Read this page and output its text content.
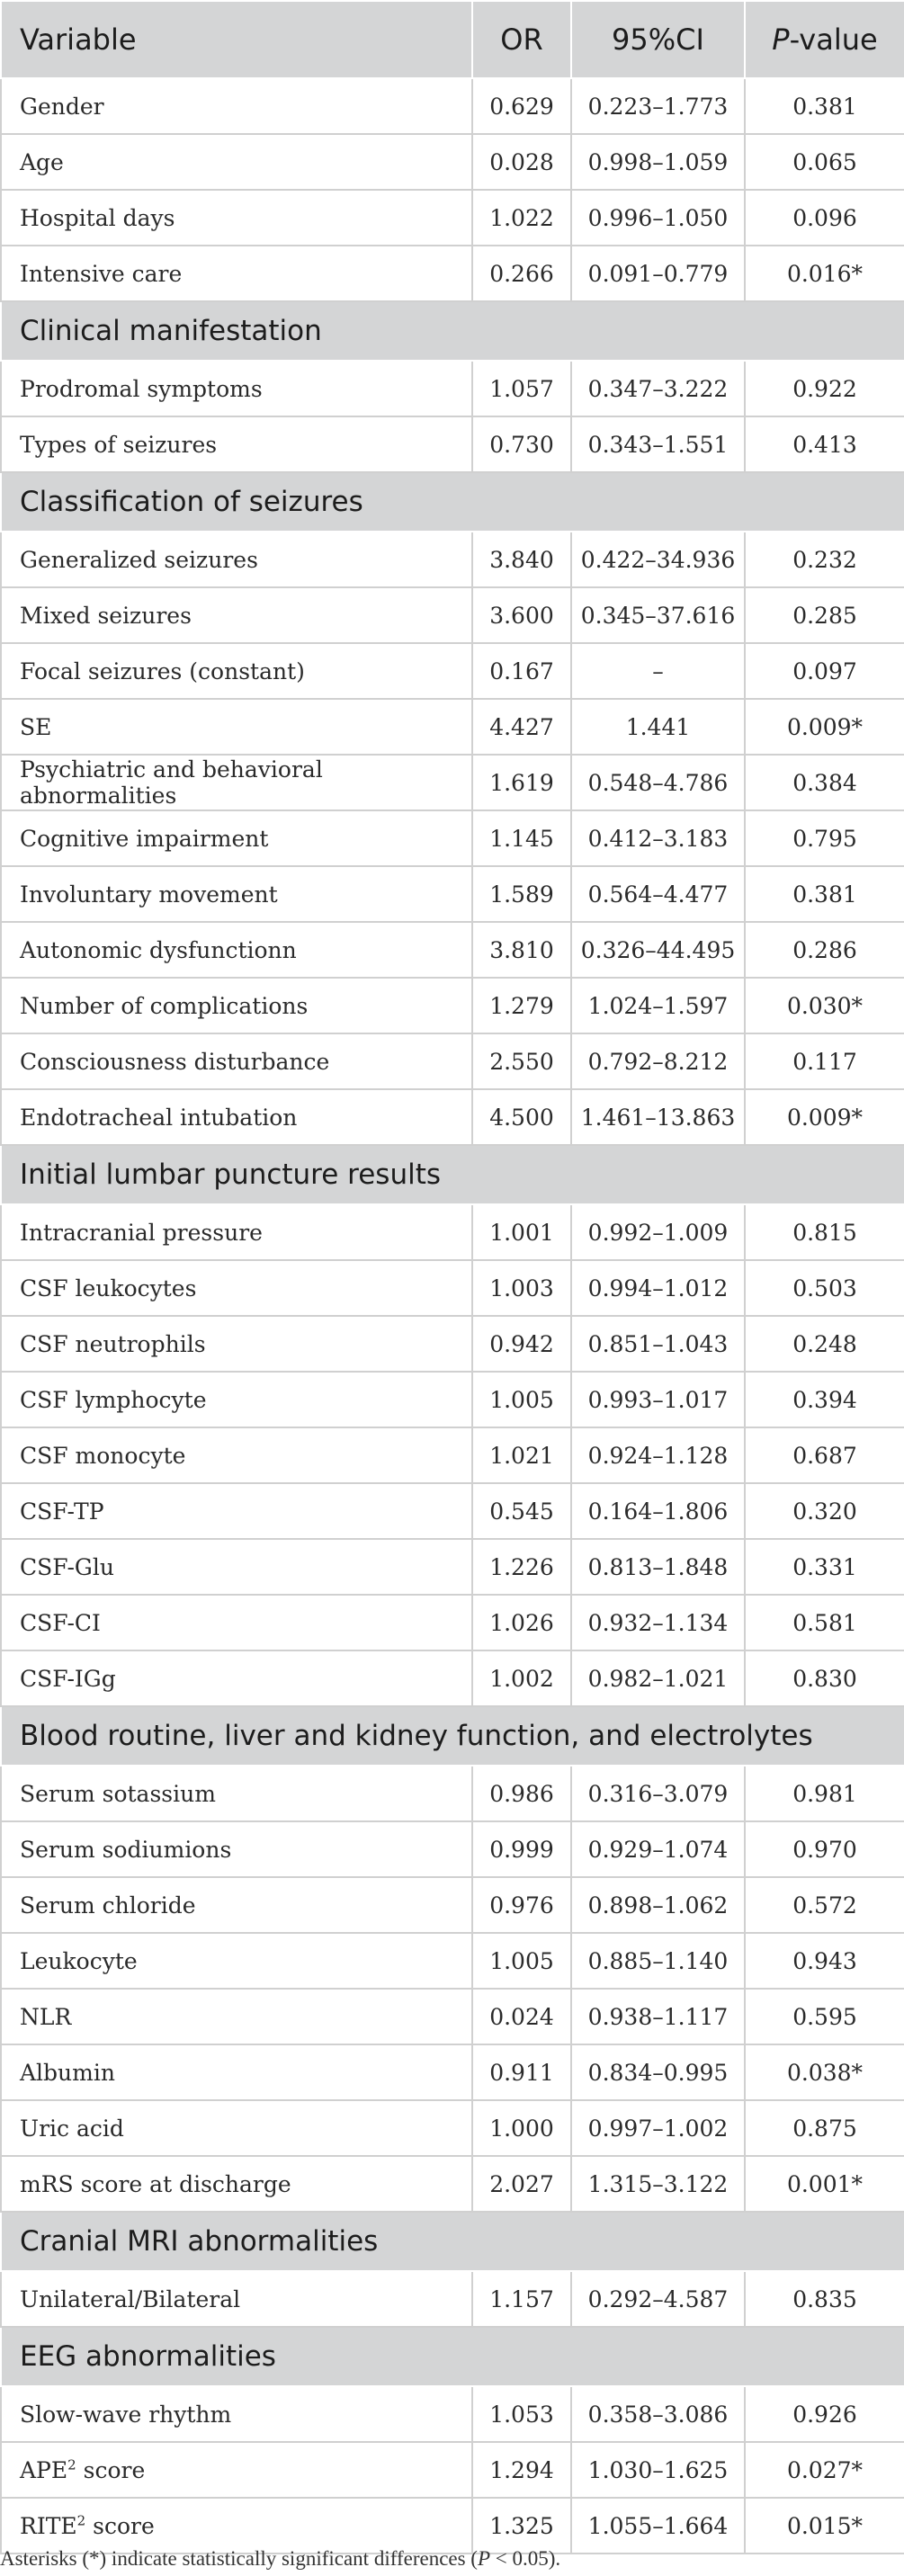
Variable	OR	95%CI	P-value
Gender	0.629	0.223–1.773	0.381
Age	0.028	0.998–1.059	0.065
Hospital days	1.022	0.996–1.050	0.096
Intensive care	0.266	0.091–0.779	0.016*
Clinical manifestation			
Prodromal symptoms	1.057	0.347–3.222	0.922
Types of seizures	0.730	0.343–1.551	0.413
Classification of seizures			
Generalized seizures	3.840	0.422–34.936	0.232
Mixed seizures	3.600	0.345–37.616	0.285
Focal seizures (constant)	0.167	–	0.097
SE	4.427	1.441	0.009*
Psychiatric and behavioral abnormalities	1.619	0.548–4.786	0.384
Cognitive impairment	1.145	0.412–3.183	0.795
Involuntary movement	1.589	0.564–4.477	0.381
Autonomic dysfunctionn	3.810	0.326–44.495	0.286
Number of complications	1.279	1.024–1.597	0.030*
Consciousness disturbance	2.550	0.792–8.212	0.117
Endotracheal intubation	4.500	1.461–13.863	0.009*
Initial lumbar puncture results			
Intracranial pressure	1.001	0.992–1.009	0.815
CSF leukocytes	1.003	0.994–1.012	0.503
CSF neutrophils	0.942	0.851–1.043	0.248
CSF lymphocyte	1.005	0.993–1.017	0.394
CSF monocyte	1.021	0.924–1.128	0.687
CSF-TP	0.545	0.164–1.806	0.320
CSF-Glu	1.226	0.813–1.848	0.331
CSF-CI	1.026	0.932–1.134	0.581
CSF-IGg	1.002	0.982–1.021	0.830
Blood routine, liver and kidney function, and electrolytes			
Serum sotassium	0.986	0.316–3.079	0.981
Serum sodiumions	0.999	0.929–1.074	0.970
Serum chloride	0.976	0.898–1.062	0.572
Leukocyte	1.005	0.885–1.140	0.943
NLR	0.024	0.938–1.117	0.595
Albumin	0.911	0.834–0.995	0.038*
Uric acid	1.000	0.997–1.002	0.875
mRS score at discharge	2.027	1.315–3.122	0.001*
Cranial MRI abnormalities			
Unilateral/Bilateral	1.157	0.292–4.587	0.835
EEG abnormalities			
Slow-wave rhythm	1.053	0.358–3.086	0.926
APE$^2$ score	1.294	1.030–1.625	0.027*
RITE$^2$ score	1.325	1.055–1.664	0.015*
Asterisks (*) indicate statistically significant differences (P < 0.05).
